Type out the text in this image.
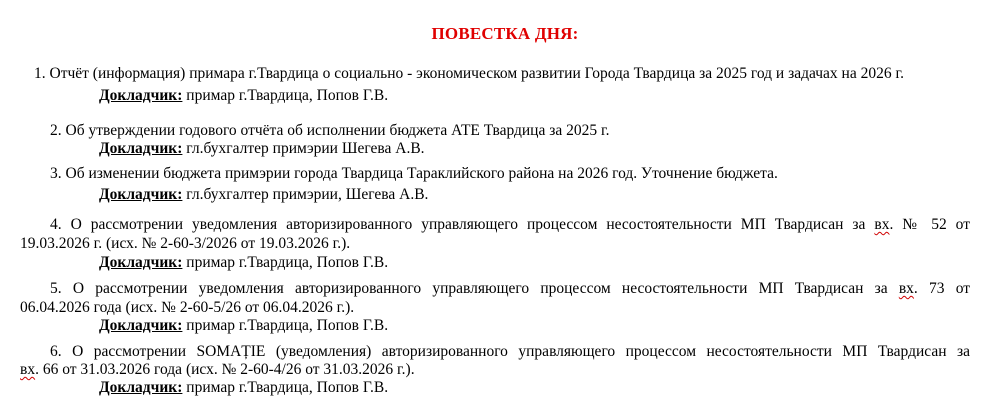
ПОВЕСТКА ДНЯ:
1. Отчёт (информация) примара г.Твардица о социально - экономическом развитии Города Твардица за 2025 год и задачах на 2026 г.
Докладчик: примар г.Твардица, Попов Г.В.
2. Об утверждении годового отчёта об исполнении бюджета АТЕ Твардица за 2025 г.
Докладчик: гл.бухгалтер примэрии Шегева А.В.
3. Об изменении бюджета примэрии города Твардица Тараклийского района на 2026 год. Уточнение бюджета.
Докладчик: гл.бухгалтер примэрии, Шегева А.В.
4. О рассмотрении уведомления авторизированного управляющего процессом несостоятельности МП Твардисан за вх. № 52 от
19.03.2026 г. (исх. № 2-60-3/2026 от 19.03.2026 г.).
Докладчик: примар г.Твардица, Попов Г.В.
5. О рассмотрении уведомления авторизированного управляющего процессом несостоятельности МП Твардисан за вх. 73 от
06.04.2026 года (исх. № 2-60-5/26 от 06.04.2026 г.).
Докладчик: примар г.Твардица, Попов Г.В.
6. О рассмотрении SOMAȚIE (уведомления) авторизированного управляющего процессом несостоятельности МП Твардисан за
вх. 66 от 31.03.2026 года (исх. № 2-60-4/26 от 31.03.2026 г.).
Докладчик: примар г.Твардица, Попов Г.В.
